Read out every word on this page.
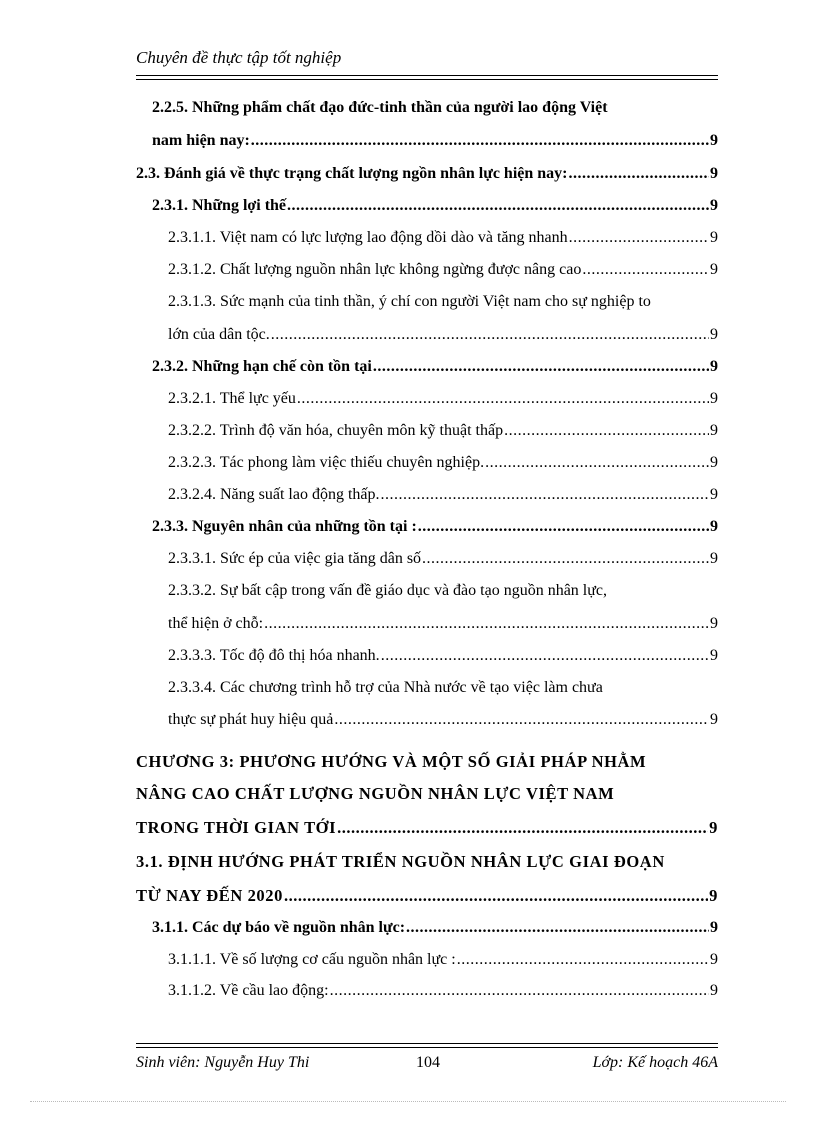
Chuyên đề thực tập tốt nghiệp
2.2.5. Những phẩm chất đạo đức-tinh thần của người lao động Việt
nam hiện nay: .....	9
2.3. Đánh giá về thực trạng chất lượng ngồn nhân lực hiện nay: .....	9
2.3.1. Những lợi thế .....	9
2.3.1.1. Việt nam có lực lượng lao động dồi dào và tăng nhanh .....	9
2.3.1.2. Chất lượng nguồn nhân lực không ngừng được nâng cao .....	9
2.3.1.3. Sức mạnh của tinh thần, ý chí con người Việt nam cho sự nghiệp to
lớn của dân tộc. .....	9
2.3.2. Những hạn chế còn tồn tại .....	9
2.3.2.1. Thể lực yếu .....	9
2.3.2.2. Trình độ văn hóa, chuyên môn kỹ thuật thấp .....	9
2.3.2.3. Tác phong làm việc thiếu chuyên nghiệp. .....	9
2.3.2.4. Năng suất lao động thấp. .....	9
2.3.3. Nguyên nhân của những tồn tại : .....	9
2.3.3.1. Sức ép của việc gia tăng dân số .....	9
2.3.3.2. Sự bất cập trong vấn đề giáo dục và đào tạo nguồn nhân lực,
thể hiện ở chỗ: .....	9
2.3.3.3. Tốc độ đô thị hóa nhanh. .....	9
2.3.3.4. Các chương trình hỗ trợ của Nhà nước về tạo việc làm chưa
thực sự phát huy hiệu quả .....	9
CHƯƠNG 3: PHƯƠNG HƯỚNG VÀ MỘT SỐ GIẢI PHÁP NHẰM
NÂNG CAO CHẤT LƯỢNG NGUỒN NHÂN LỰC VIỆT NAM
TRONG THỜI GIAN TỚI .....	9
3.1. ĐỊNH HƯỚNG PHÁT TRIỂN NGUỒN NHÂN LỰC GIAI ĐOẠN
TỪ NAY ĐẾN 2020 .....	9
3.1.1. Các dự báo về nguồn nhân lực: .....	9
3.1.1.1. Về số lượng cơ cấu nguồn nhân lực : .....	9
3.1.1.2. Về cầu lao động: .....	9
Sinh viên: Nguyễn Huy Thi	104	Lớp: Kế hoạch 46A
